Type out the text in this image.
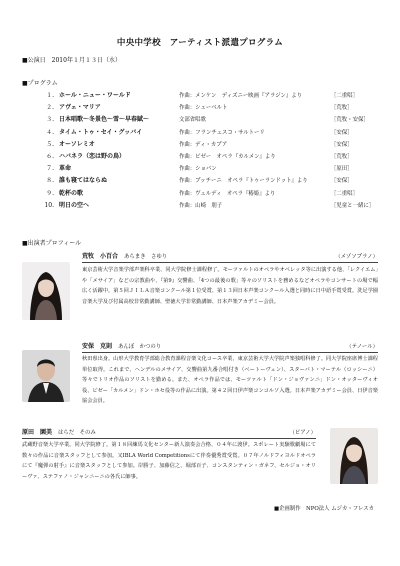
中央中学校　アーティスト派遣プログラム
■公演日　2010年１月１３日（水）
■プログラム
１. ホール・ニュー・ワールド	作曲：メンケン　ディズニー映画『アラジン』より	［二重唱］
２. アヴェ・マリア	作曲：シューベルト	［荒牧］
３. 日本唱歌～冬景色～雪～早春賦～	文部省唱歌	［荒牧・安保］
４. タイム・トゥ・セイ・グッバイ	作曲：フランチェスコ・サルトーリ	［安保］
５. オーソレミオ	作曲：ディ・カプア	［安保］
６. ハバネラ（恋は野の鳥）	作曲：ビゼー　オペラ『カルメン』より	［荒牧］
７. 革命	作曲：ショパン	［原田］
８. 誰も寝てはならぬ	作曲：プッチーニ　オペラ『トゥーランドット』より	［安保］
９. 乾杯の歌	作曲：ヴェルディ　オペラ『椿姫』より	［二重唱］
10. 明日の空へ	作曲：山崎　朋子	［児童と一緒に］
■出演者プロフィール
荒牧　小百合 あらまき　さゆり	（メゾソプラノ）
東京芸術大学音楽学部声楽科卒業、同大学院修士課程修了。モーツァルトのオペラやオペレッタ等に出演する他、「レクイエム」や「メサイア」などの宗教曲や、『第9』交響曲、「4つの最後の歌」等々のソリストを務めるなどオペラやコンサートの場で幅広く活躍中。第５回ＪＩＬＡ音楽コンクール第１位受賞、第１３回日本声楽コンクール入選と同時に日中語手賞受賞。洗足学園音楽大学及び付属高校非常勤講師、聖徳大学非常勤講師、日本声楽アカデミー会員。
安保　克則 あんぼ　かつのり	（テノール）
秋田県出身。山形大学教育学部総合教育課程音楽文化コース卒業、東京芸術大学大学院声楽独唱科修了。同大学院座席博士課程単位取得。これまで、ヘンデルのメサイア、交響曲第九番合唱付き（ベートーヴェン）、スターバト・マーテル（ロッシーニ）等々でトリオ作品のソリストを勤める。また、オペラ作品では、モーツァルト「ドン・ジョヴァンニ」ドン・オッターヴィオ役、ビゼー「カルメン」ドン・ホセ役等の作品に出演。第４２回日伊声楽コンコルソ入選。日本声楽アカデミー会員、日伊音楽協会会員。
原田　園美 はらだ　そのみ	（ピアノ）
武蔵野音楽大学卒業。同大学院修了。第１８回練馬文化センター新人演奏会合格、０４年に渡伊。スポレート実験歌劇場にて数々の作品に音楽スタッフとして参加。又IBLA World Competitionsにて伴奏優秀賞受賞。０７年ノルドフィヨルドオペラにて『魔弾の射手』に音楽スタッフとして参加。岸勝子、加藤信之、堀部百子、コンスタンティン・ガネフ、セルジョ・オリーヴァ、ステファノ・ジャンニーニの各氏に師事。
■企画制作　NPO法人 ムジカ・フレスカ
